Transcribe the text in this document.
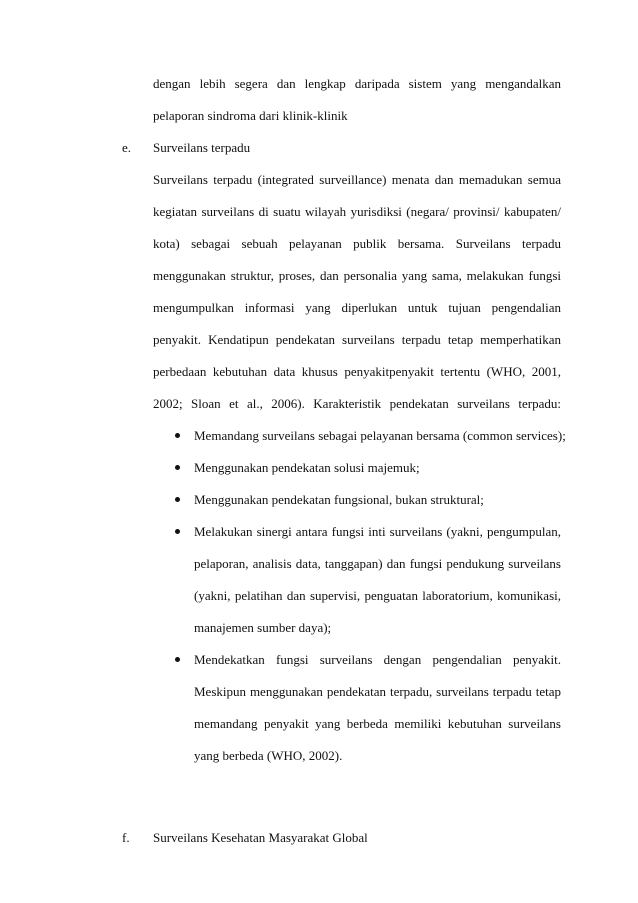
dengan lebih segera dan lengkap daripada sistem yang mengandalkan
pelaporan sindroma dari klinik-klinik
e. Surveilans terpadu
Surveilans terpadu (integrated surveillance) menata dan memadukan semua
kegiatan surveilans di suatu wilayah yurisdiksi (negara/ provinsi/ kabupaten/
kota) sebagai sebuah pelayanan publik bersama. Surveilans terpadu
menggunakan struktur, proses, dan personalia yang sama, melakukan fungsi
mengumpulkan informasi yang diperlukan untuk tujuan pengendalian
penyakit. Kendatipun pendekatan surveilans terpadu tetap memperhatikan
perbedaan kebutuhan data khusus penyakitpenyakit tertentu (WHO, 2001,
2002; Sloan et al., 2006). Karakteristik pendekatan surveilans terpadu:
Memandang surveilans sebagai pelayanan bersama (common services);
Menggunakan pendekatan solusi majemuk;
Menggunakan pendekatan fungsional, bukan struktural;
Melakukan sinergi antara fungsi inti surveilans (yakni, pengumpulan,
pelaporan, analisis data, tanggapan) dan fungsi pendukung surveilans
(yakni, pelatihan dan supervisi, penguatan laboratorium, komunikasi,
manajemen sumber daya);
Mendekatkan fungsi surveilans dengan pengendalian penyakit.
Meskipun menggunakan pendekatan terpadu, surveilans terpadu tetap
memandang penyakit yang berbeda memiliki kebutuhan surveilans
yang berbeda (WHO, 2002).
f. Surveilans Kesehatan Masyarakat Global
